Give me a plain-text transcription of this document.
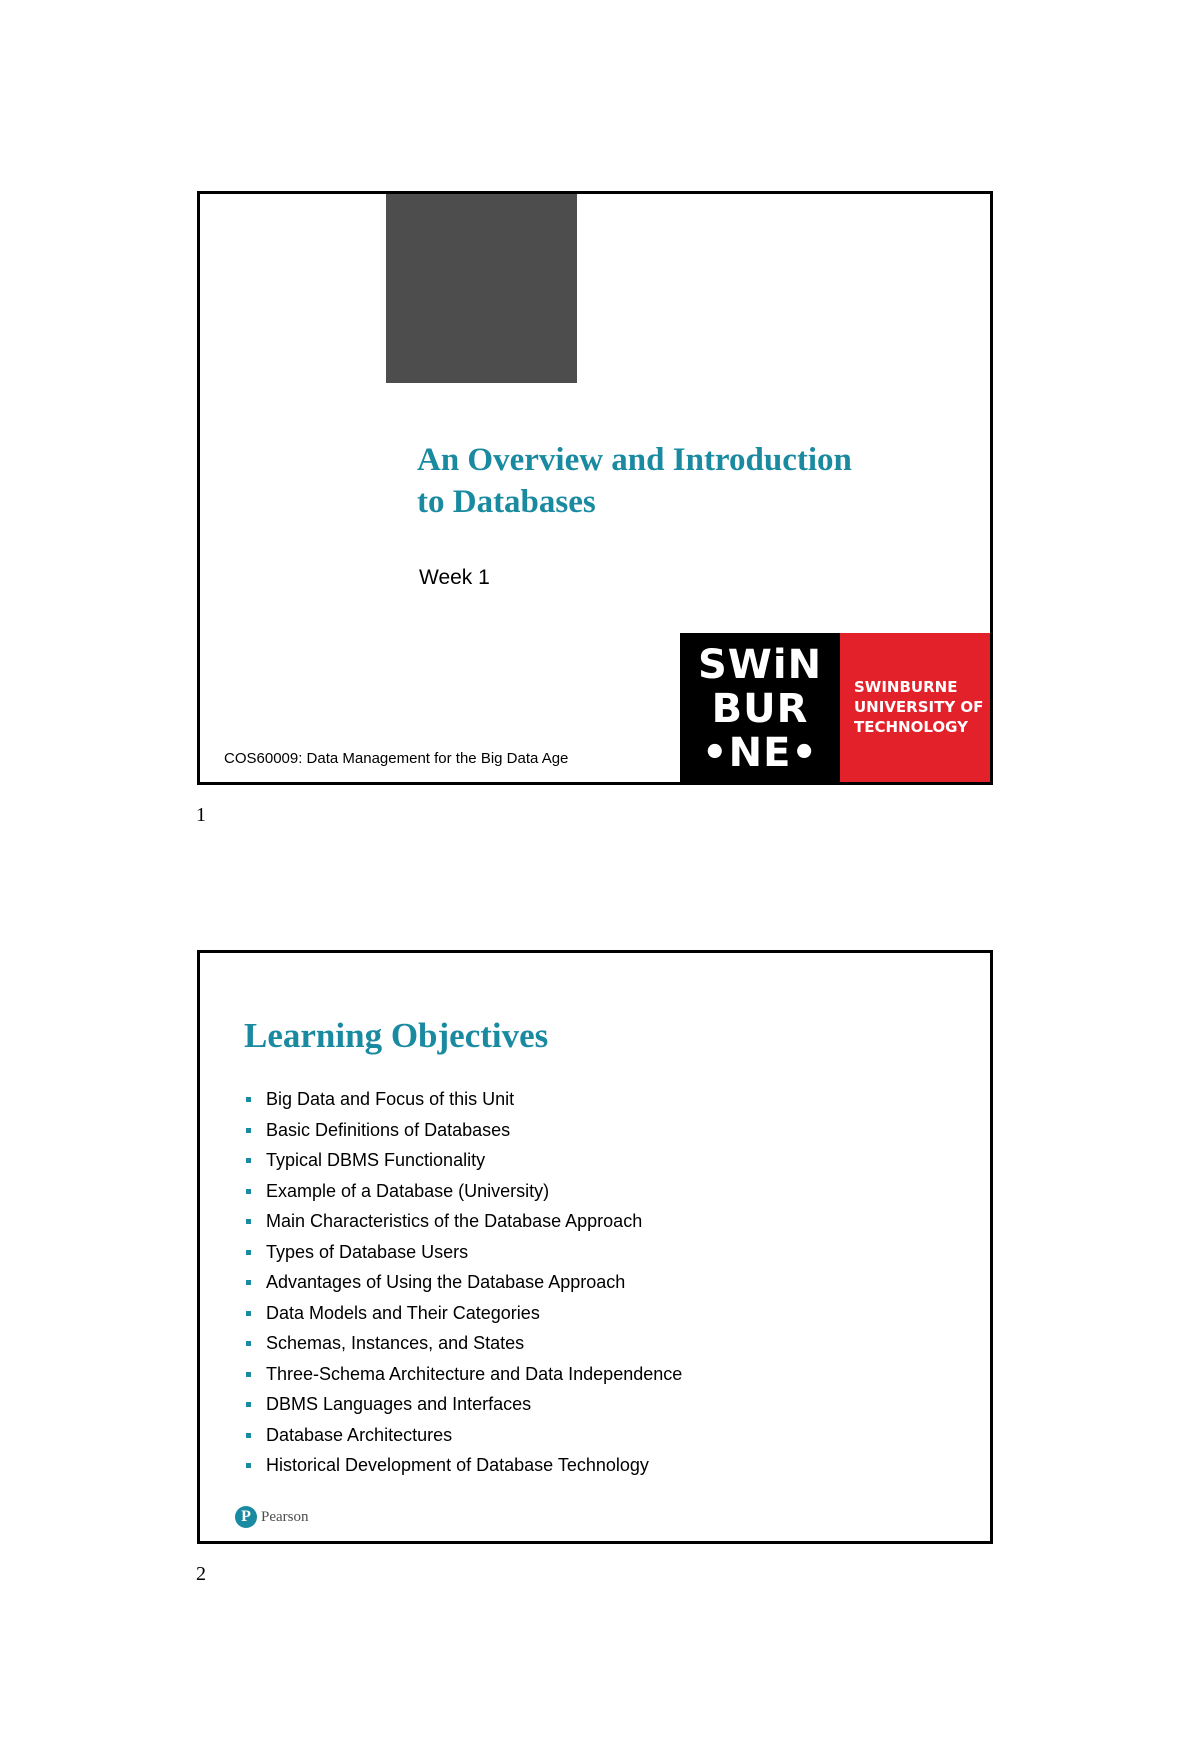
An Overview and Introduction
to Databases
Week 1
COS60009: Data Management for the Big Data Age
SWiN
BUR
•NE•
SWINBURNE
UNIVERSITY OF
TECHNOLOGY
1
Learning Objectives
Big Data and Focus of this Unit
Basic Definitions of Databases
Typical DBMS Functionality
Example of a Database (University)
Main Characteristics of the Database Approach
Types of Database Users
Advantages of Using the Database Approach
Data Models and Their Categories
Schemas, Instances, and States
Three-Schema Architecture and Data Independence
DBMS Languages and Interfaces
Database Architectures
Historical Development of Database Technology
P Pearson
2
